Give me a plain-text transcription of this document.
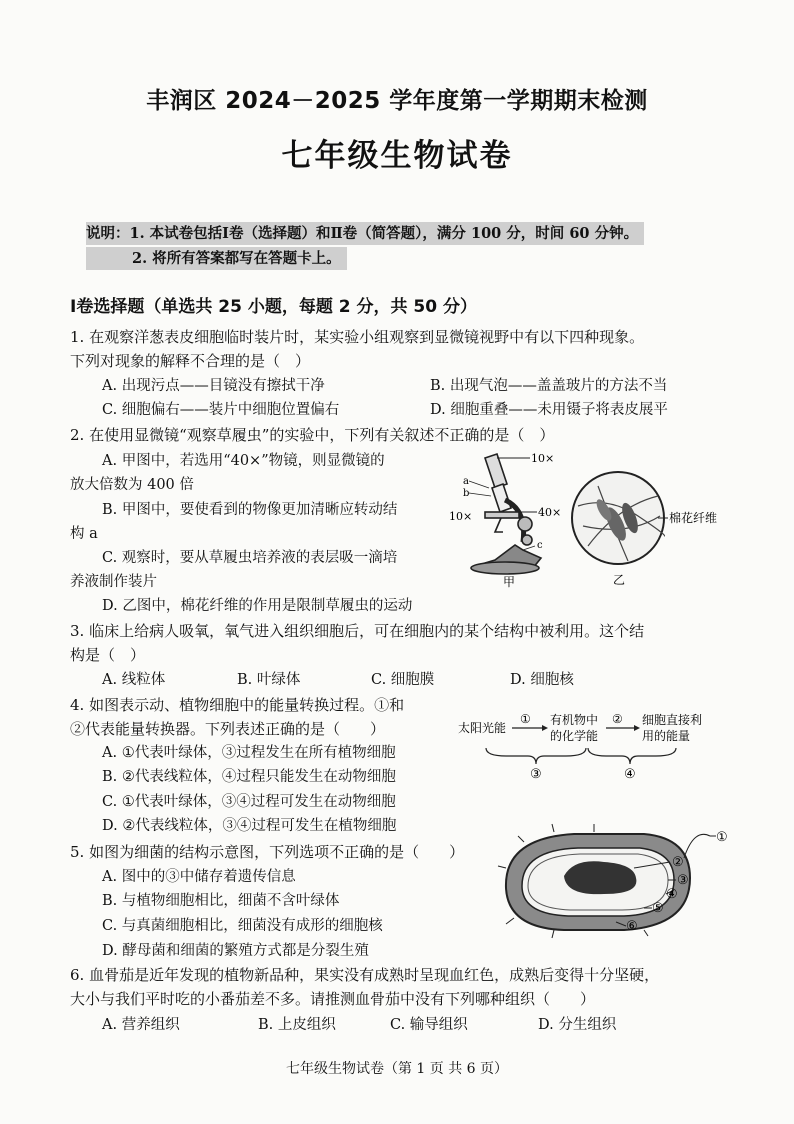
丰润区 2024－2025 学年度第一学期期末检测
七年级生物试卷
说明：1. 本试卷包括Ⅰ卷（选择题）和Ⅱ卷（简答题），满分 100 分，时间 60 分钟。
2. 将所有答案都写在答题卡上。
Ⅰ卷选择题（单选共 25 小题，每题 2 分，共 50 分）
1. 在观察洋葱表皮细胞临时装片时，某实验小组观察到显微镜视野中有以下四种现象。
下列对现象的解释不合理的是（　）
A. 出现污点——目镜没有擦拭干净	B. 出现气泡——盖盖玻片的方法不当
C. 细胞偏右——装片中细胞位置偏右	D. 细胞重叠——未用镊子将表皮展平
2. 在使用显微镜“观察草履虫”的实验中，下列有关叙述不正确的是（　）
A. 甲图中，若选用“40×”物镜，则显微镜的
放大倍数为 400 倍
B. 甲图中，要使看到的物像更加清晰应转动结
构 a
C. 观察时，要从草履虫培养液的表层吸一滴培
养液制作装片
D. 乙图中，棉花纤维的作用是限制草履虫的运动
10×
40×
10×
a
b
c
甲
棉花纤维
乙
3. 临床上给病人吸氧，氧气进入组织细胞后，可在细胞内的某个结构中被利用。这个结
构是（　）
A. 线粒体	B. 叶绿体	C. 细胞膜	D. 细胞核
4. 如图表示动、植物细胞中的能量转换过程。①和
②代表能量转换器。下列表述正确的是（　　）
A. ①代表叶绿体，③过程发生在所有植物细胞
B. ②代表线粒体，④过程只能发生在动物细胞
C. ①代表叶绿体，③④过程可发生在动物细胞
D. ②代表线粒体，③④过程可发生在植物细胞
太阳光能
① 有机物中
的化学能
② 细胞直接利
用的能量
③	④
5. 如图为细菌的结构示意图，下列选项不正确的是（　　）
A. 图中的③中储存着遗传信息
B. 与植物细胞相比，细菌不含叶绿体
C. 与真菌细胞相比，细菌没有成形的细胞核
D. 酵母菌和细菌的繁殖方式都是分裂生殖
①
②
③
④
⑤
⑥
6. 血骨茄是近年发现的植物新品种，果实没有成熟时呈现血红色，成熟后变得十分坚硬，
大小与我们平时吃的小番茄差不多。请推测血骨茄中没有下列哪种组织（　　）
A. 营养组织	B. 上皮组织	C. 输导组织	D. 分生组织
七年级生物试卷（第 1 页 共 6 页）
